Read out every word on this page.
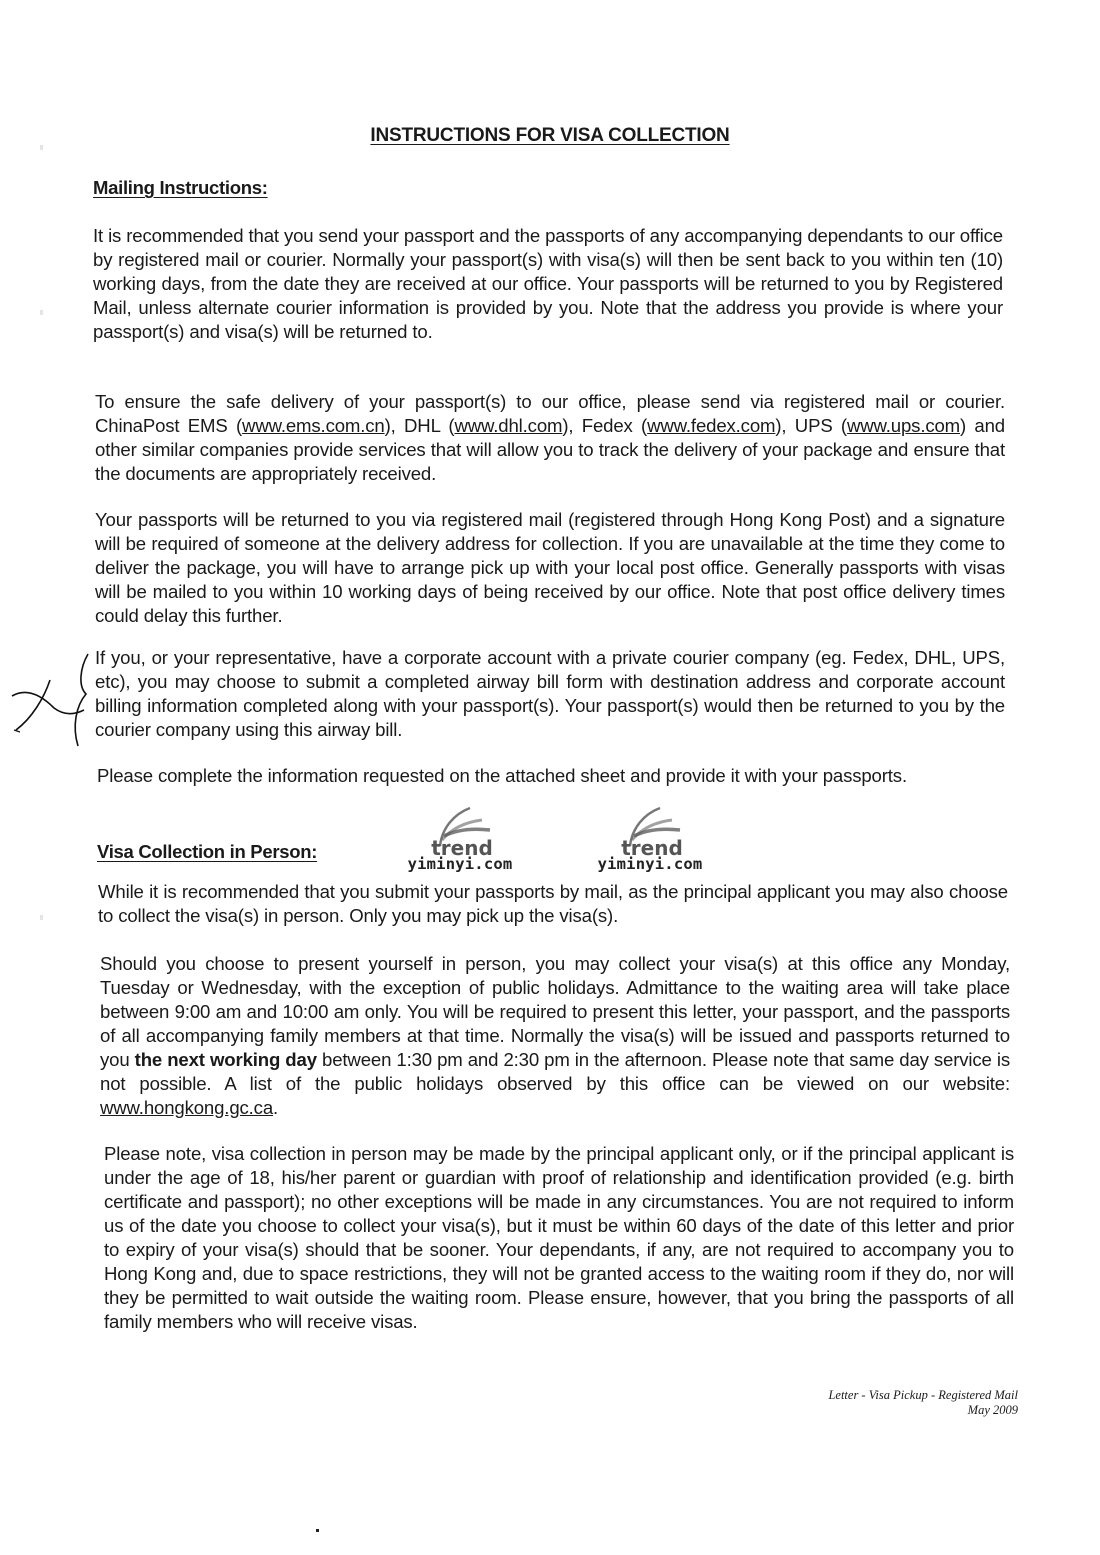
INSTRUCTIONS FOR VISA COLLECTION
Mailing Instructions:
It is recommended that you send your passport and the passports of any accompanying dependants to our office by registered mail or courier. Normally your passport(s) with visa(s) will then be sent back to you within ten (10) working days, from the date they are received at our office. Your passports will be returned to you by Registered Mail, unless alternate courier information is provided by you. Note that the address you provide is where your passport(s) and visa(s) will be returned to.
To ensure the safe delivery of your passport(s) to our office, please send via registered mail or courier. ChinaPost EMS (www.ems.com.cn), DHL (www.dhl.com), Fedex (www.fedex.com), UPS (www.ups.com) and other similar companies provide services that will allow you to track the delivery of your package and ensure that the documents are appropriately received.
Your passports will be returned to you via registered mail (registered through Hong Kong Post) and a signature will be required of someone at the delivery address for collection. If you are unavailable at the time they come to deliver the package, you will have to arrange pick up with your local post office. Generally passports with visas will be mailed to you within 10 working days of being received by our office. Note that post office delivery times could delay this further.
If you, or your representative, have a corporate account with a private courier company (eg. Fedex, DHL, UPS, etc), you may choose to submit a completed airway bill form with destination address and corporate account billing information completed along with your passport(s). Your passport(s) would then be returned to you by the courier company using this airway bill.
Please complete the information requested on the attached sheet and provide it with your passports.
Visa Collection in Person:
While it is recommended that you submit your passports by mail, as the principal applicant you may also choose to collect the visa(s) in person. Only you may pick up the visa(s).
Should you choose to present yourself in person, you may collect your visa(s) at this office any Monday, Tuesday or Wednesday, with the exception of public holidays. Admittance to the waiting area will take place between 9:00 am and 10:00 am only. You will be required to present this letter, your passport, and the passports of all accompanying family members at that time. Normally the visa(s) will be issued and passports returned to you the next working day between 1:30 pm and 2:30 pm in the afternoon. Please note that same day service is not possible. A list of the public holidays observed by this office can be viewed on our website: www.hongkong.gc.ca.
Please note, visa collection in person may be made by the principal applicant only, or if the principal applicant is under the age of 18, his/her parent or guardian with proof of relationship and identification provided (e.g. birth certificate and passport); no other exceptions will be made in any circumstances. You are not required to inform us of the date you choose to collect your visa(s), but it must be within 60 days of the date of this letter and prior to expiry of your visa(s) should that be sooner. Your dependants, if any, are not required to accompany you to Hong Kong and, due to space restrictions, they will not be granted access to the waiting room if they do, nor will they be permitted to wait outside the waiting room. Please ensure, however, that you bring the passports of all family members who will receive visas.
Letter - Visa Pickup - Registered Mail
May 2009
trend
yiminyi.com
trend
yiminyi.com
